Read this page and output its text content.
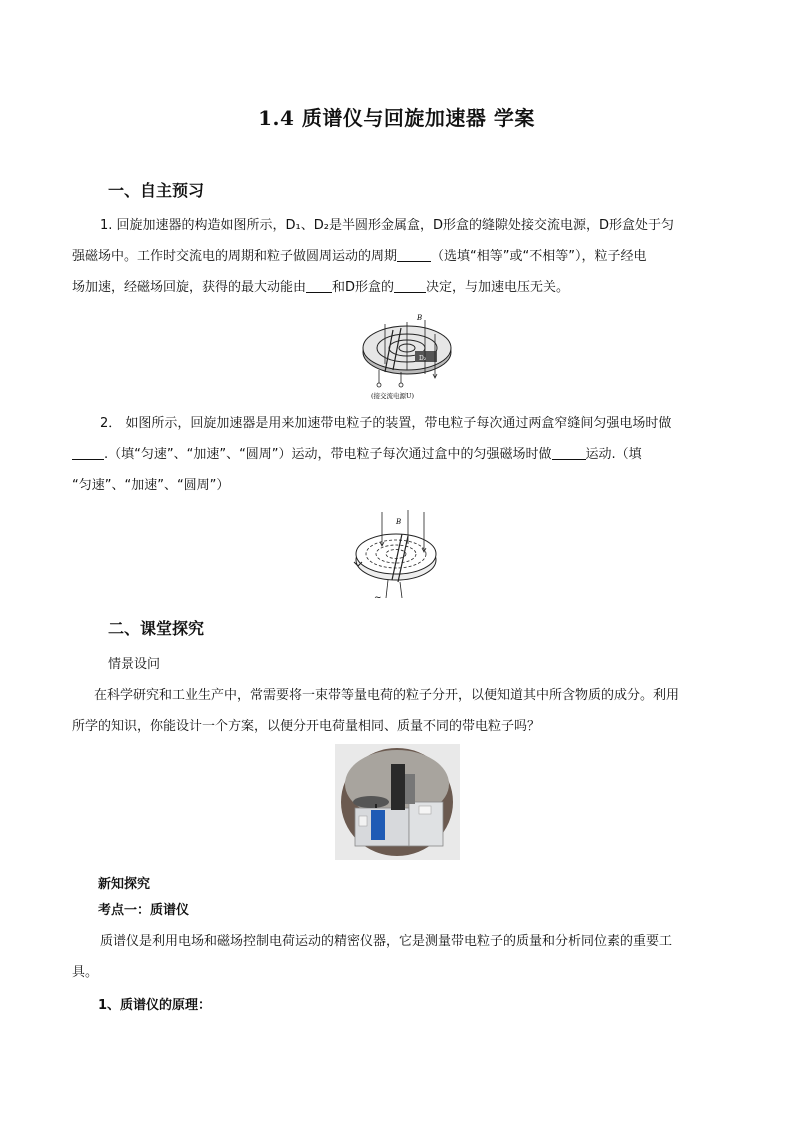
1.4 质谱仪与回旋加速器 学案
一、自主预习
1. 回旋加速器的构造如图所示，D₁、D₂是半圆形金属盒，D形盒的缝隙处接交流电源，D形盒处于匀
强磁场中。工作时交流电的周期和粒子做圆周运动的周期	（选填“相等”或“不相等”），粒子经电
场加速，经磁场回旋，获得的最大动能由 和D形盒的 决定，与加速电压无关。
B
D₂
(接交流电源U)
2． 如图所示，回旋加速器是用来加速带电粒子的装置，带电粒子每次通过两盒窄缝间匀强电场时做
.（填“匀速”、“加速”、“圆周”）运动，带电粒子每次通过盒中的匀强磁场时做	运动.（填
“匀速”、“加速”、“圆周”）
B
~
二、课堂探究
情景设问
在科学研究和工业生产中，常需要将一束带等量电荷的粒子分开，以便知道其中所含物质的成分。利用
所学的知识，你能设计一个方案，以便分开电荷量相同、质量不同的带电粒子吗？
新知探究
考点一：质谱仪
质谱仪是利用电场和磁场控制电荷运动的精密仪器，它是测量带电粒子的质量和分析同位素的重要工
具。
1、质谱仪的原理：
